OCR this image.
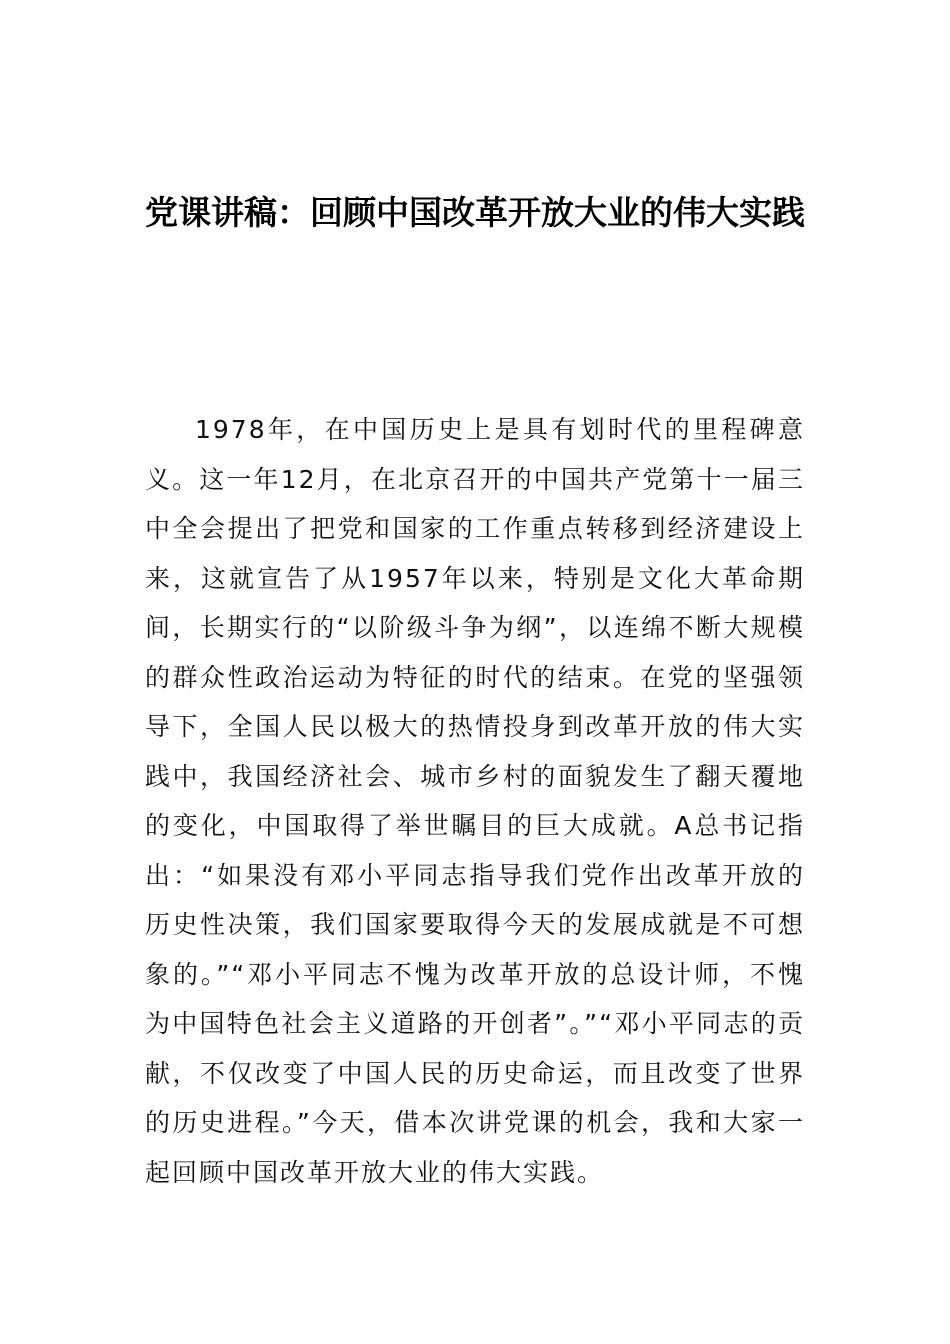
党课讲稿：回顾中国改革开放大业的伟大实践

1978年，在中国历史上是具有划时代的里程碑意义。这一年12月，在北京召开的中国共产党第十一届三中全会提出了把党和国家的工作重点转移到经济建设上来，这就宣告了从1957年以来，特别是文化大革命期间，长期实行的“以阶级斗争为纲”，以连绵不断大规模的群众性政治运动为特征的时代的结束。在党的坚强领导下，全国人民以极大的热情投身到改革开放的伟大实践中，我国经济社会、城市乡村的面貌发生了翻天覆地的变化，中国取得了举世瞩目的巨大成就。A总书记指出：“如果没有邓小平同志指导我们党作出改革开放的历史性决策，我们国家要取得今天的发展成就是不可想象的。”“邓小平同志不愧为改革开放的总设计师，不愧为中国特色社会主义道路的开创者”。”“邓小平同志的贡献，不仅改变了中国人民的历史命运，而且改变了世界的历史进程。”今天，借本次讲党课的机会，我和大家一起回顾中国改革开放大业的伟大实践。
